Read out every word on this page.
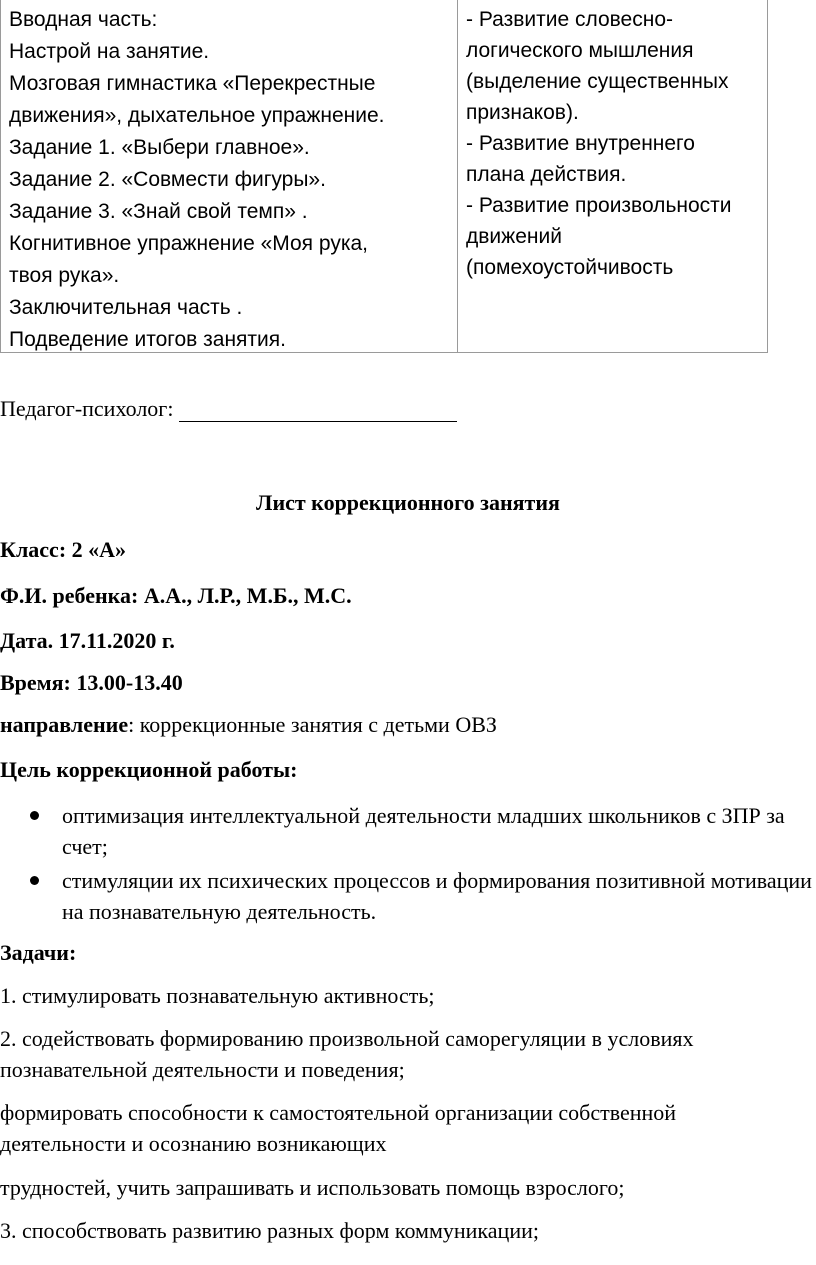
Вводная часть:
Настрой на занятие.
Мозговая гимнастика «Перекрестные
движения», дыхательное упражнение.
Задание 1. «Выбери главное».
Задание 2. «Совмести фигуры».
Задание 3. «Знай свой темп» .
Когнитивное упражнение «Моя рука,
твоя рука».
Заключительная часть .
Подведение итогов занятия.
- Развитие словесно-
логического мышления
(выделение существенных
признаков).
- Развитие внутреннего
плана действия.
- Развитие произвольности
движений
(помехоустойчивость
Педагог-психолог:
Лист коррекционного занятия
Класс: 2 «А»
Ф.И. ребенка: А.А., Л.Р., М.Б., М.С.
Дата. 17.11.2020 г.
Время: 13.00-13.40
направление: коррекционные занятия с детьми ОВЗ
Цель коррекционной работы:
оптимизация интеллектуальной деятельности младших школьников с ЗПР за счет;
стимуляции их психических процессов и формирования позитивной мотивации на познавательную деятельность.
Задачи:
1. стимулировать познавательную активность;
2. содействовать формированию произвольной саморегуляции в условиях
познавательной деятельности и поведения;
формировать способности к самостоятельной организации собственной
деятельности и осознанию возникающих
трудностей, учить запрашивать и использовать помощь взрослого;
3. способствовать развитию разных форм коммуникации;
